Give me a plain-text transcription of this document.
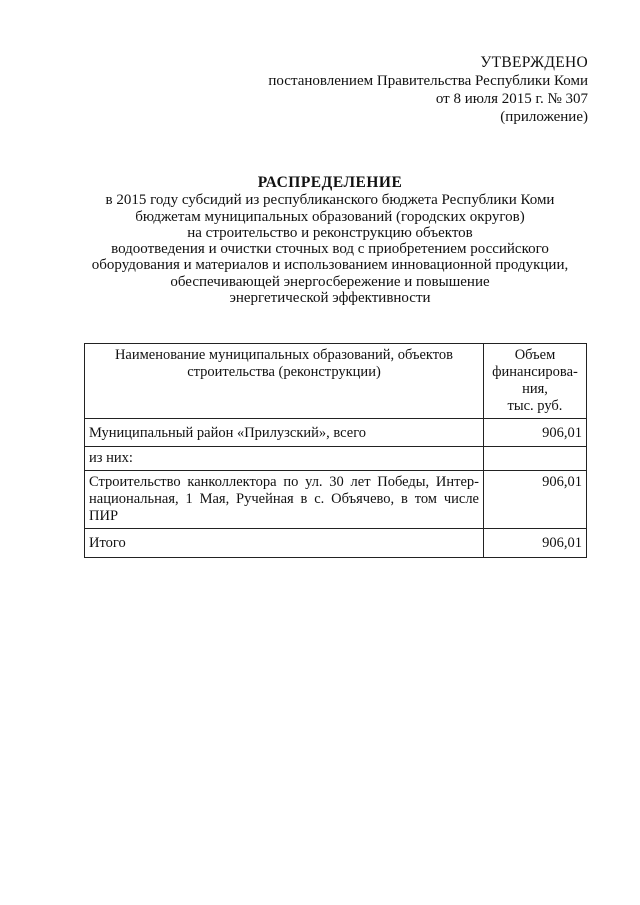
УТВЕРЖДЕНО
постановлением Правительства Республики Коми
от 8 июля 2015 г. № 307
(приложение)
РАСПРЕДЕЛЕНИЕ
в 2015 году субсидий из республиканского бюджета Республики Коми
бюджетам муниципальных образований (городских округов)
на строительство и реконструкцию объектов
водоотведения и очистки сточных вод с приобретением российского
оборудования и материалов и использованием инновационной продукции,
обеспечивающей энергосбережение и повышение
энергетической эффективности
Наименование муниципальных образований, объектов
строительства (реконструкции)	Объем
финансирова-
ния,
тыс. руб.
Муниципальный район «Прилузский», всего	906,01
из них:	
Строительство канколлектора по ул. 30 лет Победы, Интер-национальная, 1 Мая, Ручейная в с. Объячево, в том числе ПИР	906,01
Итого	906,01
